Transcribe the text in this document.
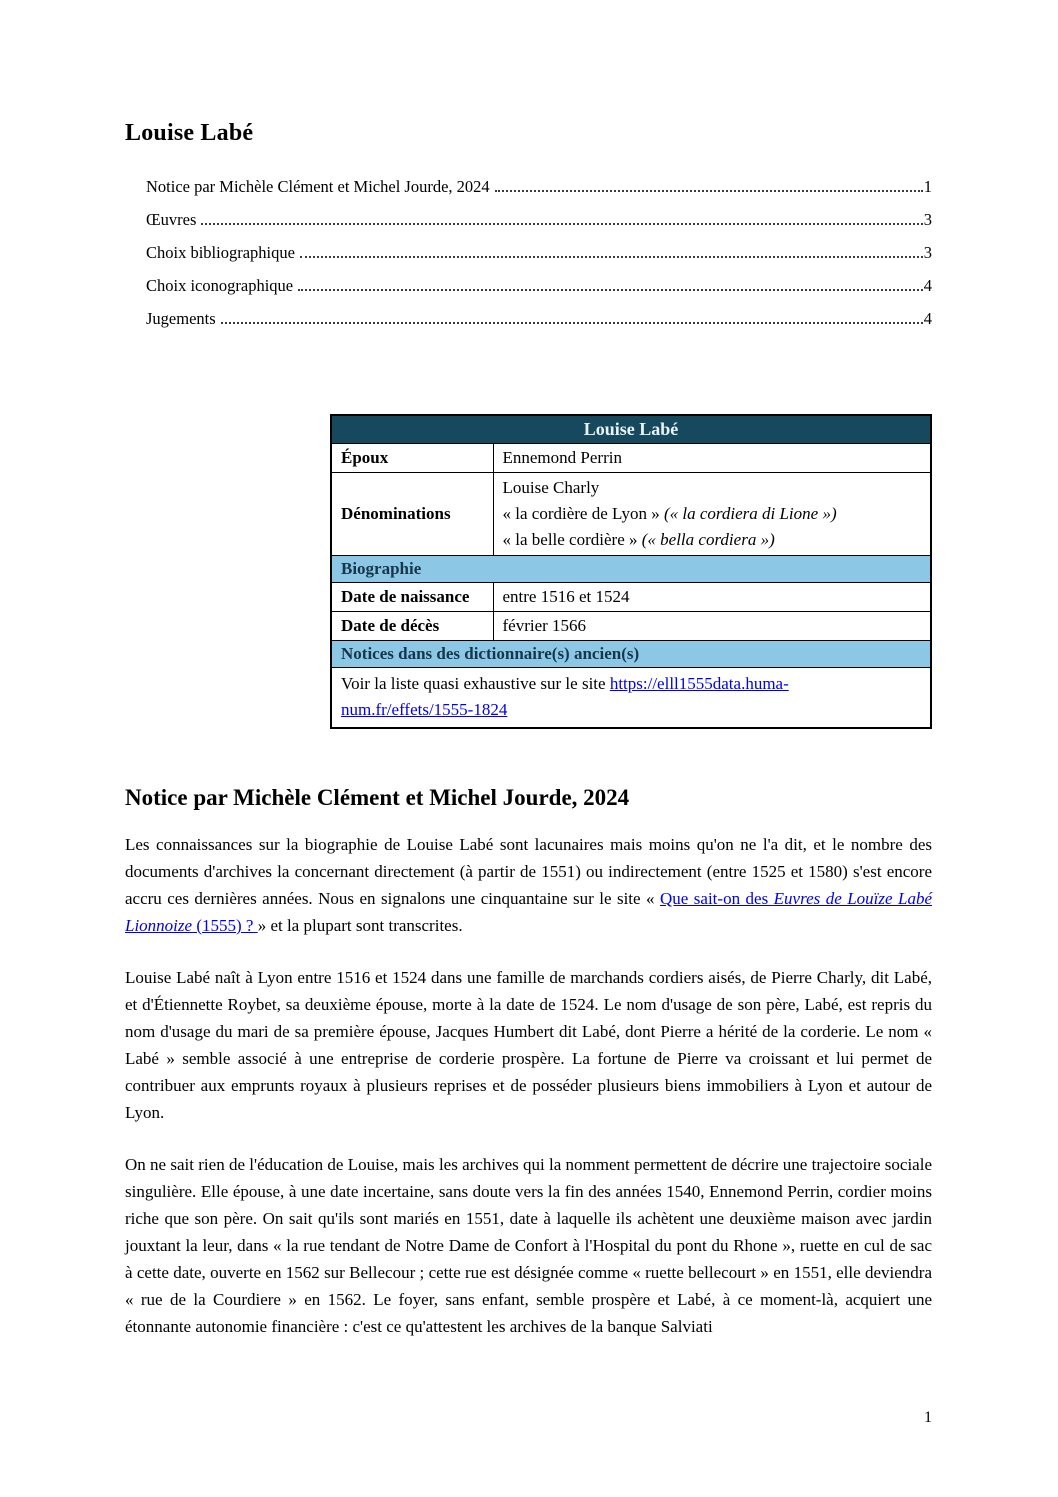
Louise Labé
Notice par Michèle Clément et Michel Jourde, 2024	1
Œuvres	3
Choix bibliographique	3
Choix iconographique	4
Jugements	4
Louise Labé	
Époux	Ennemond Perrin
Dénominations	Louise Charly
« la cordière de Lyon » (« la cordiera di Lione »)
« la belle cordière » (« bella cordiera »)

Biographie	
Date de naissance	entre 1516 et 1524
Date de décès	février 1566
Notices dans des dictionnaire(s) ancien(s)	
Voir la liste quasi exhaustive sur le site https://elll1555data.huma-num.fr/effets/1555-1824	
Notice par Michèle Clément et Michel Jourde, 2024

Les connaissances sur la biographie de Louise Labé sont lacunaires mais moins qu'on ne l'a dit, et le nombre des documents d'archives la concernant directement (à partir de 1551) ou indirectement (entre 1525 et 1580) s'est encore accru ces dernières années. Nous en signalons une cinquantaine sur le site « Que sait-on des Euvres de Louïze Labé Lionnoize (1555) ? » et la plupart sont transcrites.

Louise Labé naît à Lyon entre 1516 et 1524 dans une famille de marchands cordiers aisés, de Pierre Charly, dit Labé, et d'Étiennette Roybet, sa deuxième épouse, morte à la date de 1524. Le nom d'usage de son père, Labé, est repris du nom d'usage du mari de sa première épouse, Jacques Humbert dit Labé, dont Pierre a hérité de la corderie. Le nom « Labé » semble associé à une entreprise de corderie prospère. La fortune de Pierre va croissant et lui permet de contribuer aux emprunts royaux à plusieurs reprises et de posséder plusieurs biens immobiliers à Lyon et autour de Lyon.

On ne sait rien de l'éducation de Louise, mais les archives qui la nomment permettent de décrire une trajectoire sociale singulière. Elle épouse, à une date incertaine, sans doute vers la fin des années 1540, Ennemond Perrin, cordier moins riche que son père. On sait qu'ils sont mariés en 1551, date à laquelle ils achètent une deuxième maison avec jardin jouxtant la leur, dans « la rue tendant de Notre Dame de Confort à l'Hospital du pont du Rhone », ruette en cul de sac à cette date, ouverte en 1562 sur Bellecour ; cette rue est désignée comme « ruette bellecourt » en 1551, elle deviendra « rue de la Courdiere » en 1562. Le foyer, sans enfant, semble prospère et Labé, à ce moment-là, acquiert une étonnante autonomie financière : c'est ce qu'attestent les archives de la banque Salviati

1
